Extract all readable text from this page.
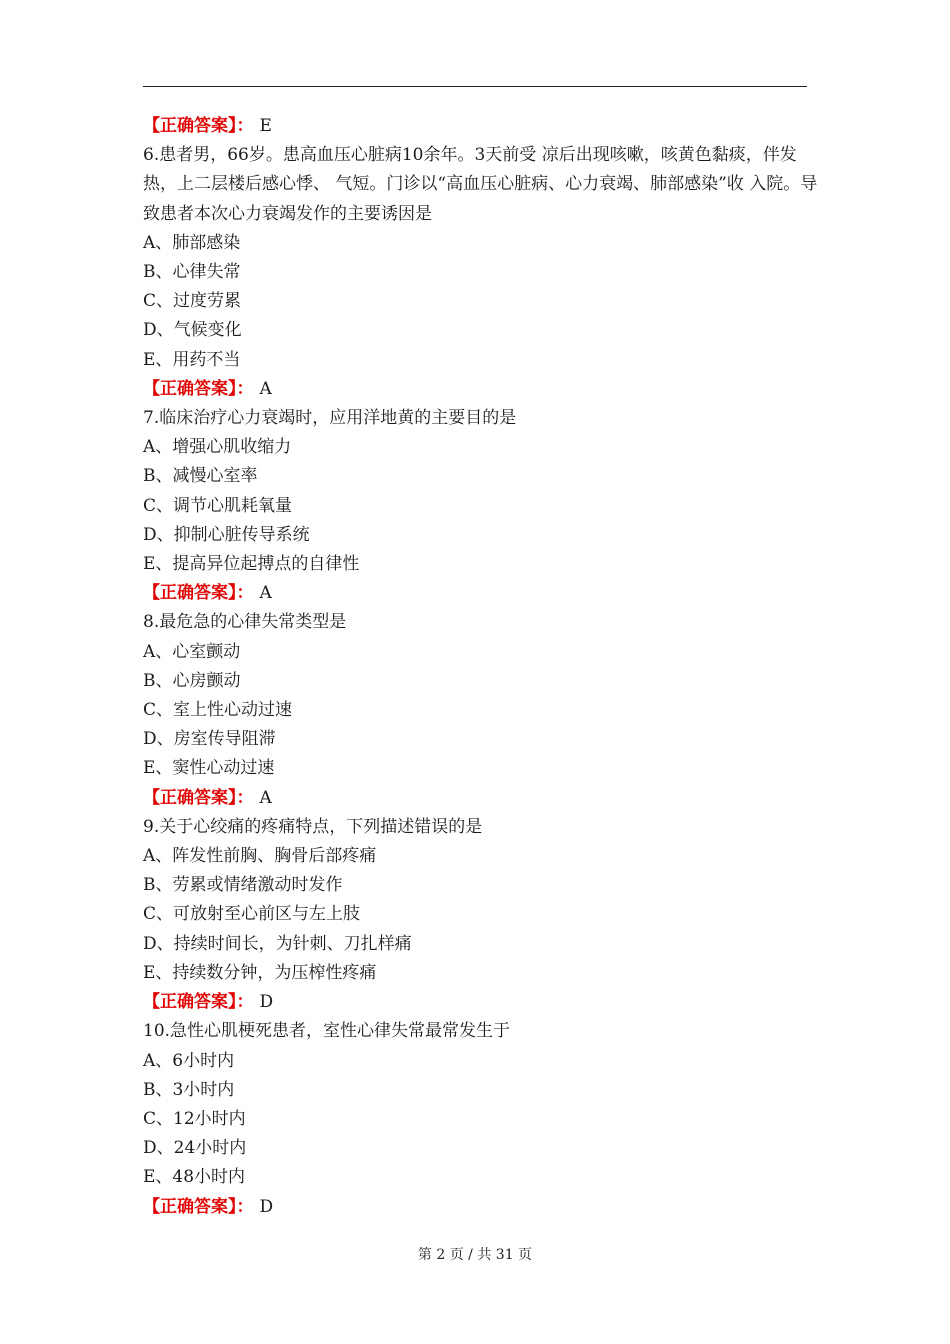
【正确答案】： E
6.患者男，66岁。患高血压心脏病10余年。3天前受 凉后出现咳嗽，咳黄色黏痰，伴发热，上二层楼后感心悸、 气短。门诊以“高血压心脏病、心力衰竭、肺部感染”收 入院。导致患者本次心力衰竭发作的主要诱因是
A、肺部感染
B、心律失常
C、过度劳累
D、气候变化
E、用药不当
【正确答案】： A
7.临床治疗心力衰竭时，应用洋地黄的主要目的是
A、增强心肌收缩力
B、减慢心室率
C、调节心肌耗氧量
D、抑制心脏传导系统
E、提高异位起搏点的自律性
【正确答案】： A
8.最危急的心律失常类型是
A、心室颤动
B、心房颤动
C、室上性心动过速
D、房室传导阻滞
E、窦性心动过速
【正确答案】： A
9.关于心绞痛的疼痛特点，下列描述错误的是
A、阵发性前胸、胸骨后部疼痛
B、劳累或情绪激动时发作
C、可放射至心前区与左上肢
D、持续时间长，为针刺、刀扎样痛
E、持续数分钟，为压榨性疼痛
【正确答案】： D
10.急性心肌梗死患者，室性心律失常最常发生于
A、6小时内
B、3小时内
C、12小时内
D、24小时内
E、48小时内
【正确答案】： D
第 2 页 / 共 31 页
